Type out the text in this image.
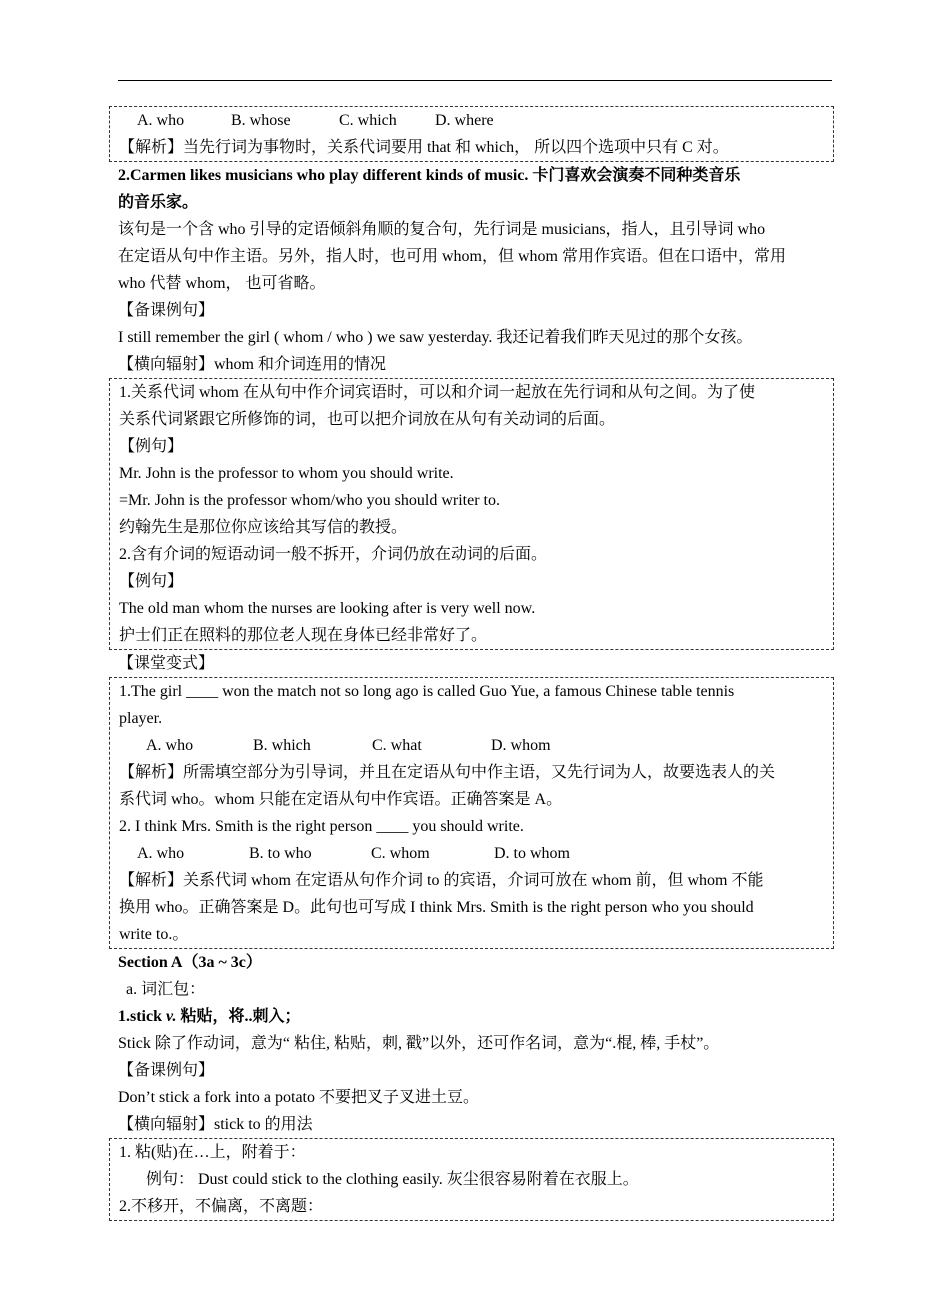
A. who	B. whose	C. which D. where
【解析】当先行词为事物时，关系代词要用 that 和 which， 所以四个选项中只有 C 对。
2.Carmen likes musicians who play different kinds of music. 卡门喜欢会演奏不同种类音乐
的音乐家。
该句是一个含 who 引导的定语倾斜角顺的复合句，先行词是 musicians，指人，且引导词 who
在定语从句中作主语。另外，指人时，也可用 whom，但 whom 常用作宾语。但在口语中，常用
who 代替 whom， 也可省略。
【备课例句】
I still remember the girl ( whom / who ) we saw yesterday. 我还记着我们昨天见过的那个女孩。
【横向辐射】whom 和介词连用的情况
1.关系代词 whom 在从句中作介词宾语时，可以和介词一起放在先行词和从句之间。为了使
关系代词紧跟它所修饰的词，也可以把介词放在从句有关动词的后面。
【例句】
Mr. John is the professor to whom you should write.
=Mr. John is the professor whom/who you should writer to.
约翰先生是那位你应该给其写信的教授。
2.含有介词的短语动词一般不拆开，介词仍放在动词的后面。
【例句】
The old man whom the nurses are looking after is very well now.
护士们正在照料的那位老人现在身体已经非常好了。
【课堂变式】
1.The girl ____ won the match not so long ago is called Guo Yue, a famous Chinese table tennis
player.
A. who	B. which	C. what	D. whom
【解析】所需填空部分为引导词，并且在定语从句中作主语，又先行词为人，故要选表人的关
系代词 who。whom 只能在定语从句中作宾语。正确答案是 A。
2. I think Mrs. Smith is the right person ____ you should write.
A. who	B. to who	C. whom	D. to whom
【解析】关系代词 whom 在定语从句作介词 to 的宾语，介词可放在 whom 前，但 whom 不能
换用 who。正确答案是 D。此句也可写成 I think Mrs. Smith is the right person who you should
write to.。
Section A（3a ~ 3c）
a. 词汇包：
1.stick v. 粘贴，将..刺入；
Stick 除了作动词，意为“ 粘住, 粘贴，刺, 戳”以外，还可作名词，意为“.棍, 棒, 手杖”。
【备课例句】
Don’t stick a fork into a potato 不要把叉子叉进土豆。
【横向辐射】stick to 的用法
1. 粘(贴)在…上，附着于：
例句： Dust could stick to the clothing easily. 灰尘很容易附着在衣服上。
2.不移开，不偏离，不离题：
